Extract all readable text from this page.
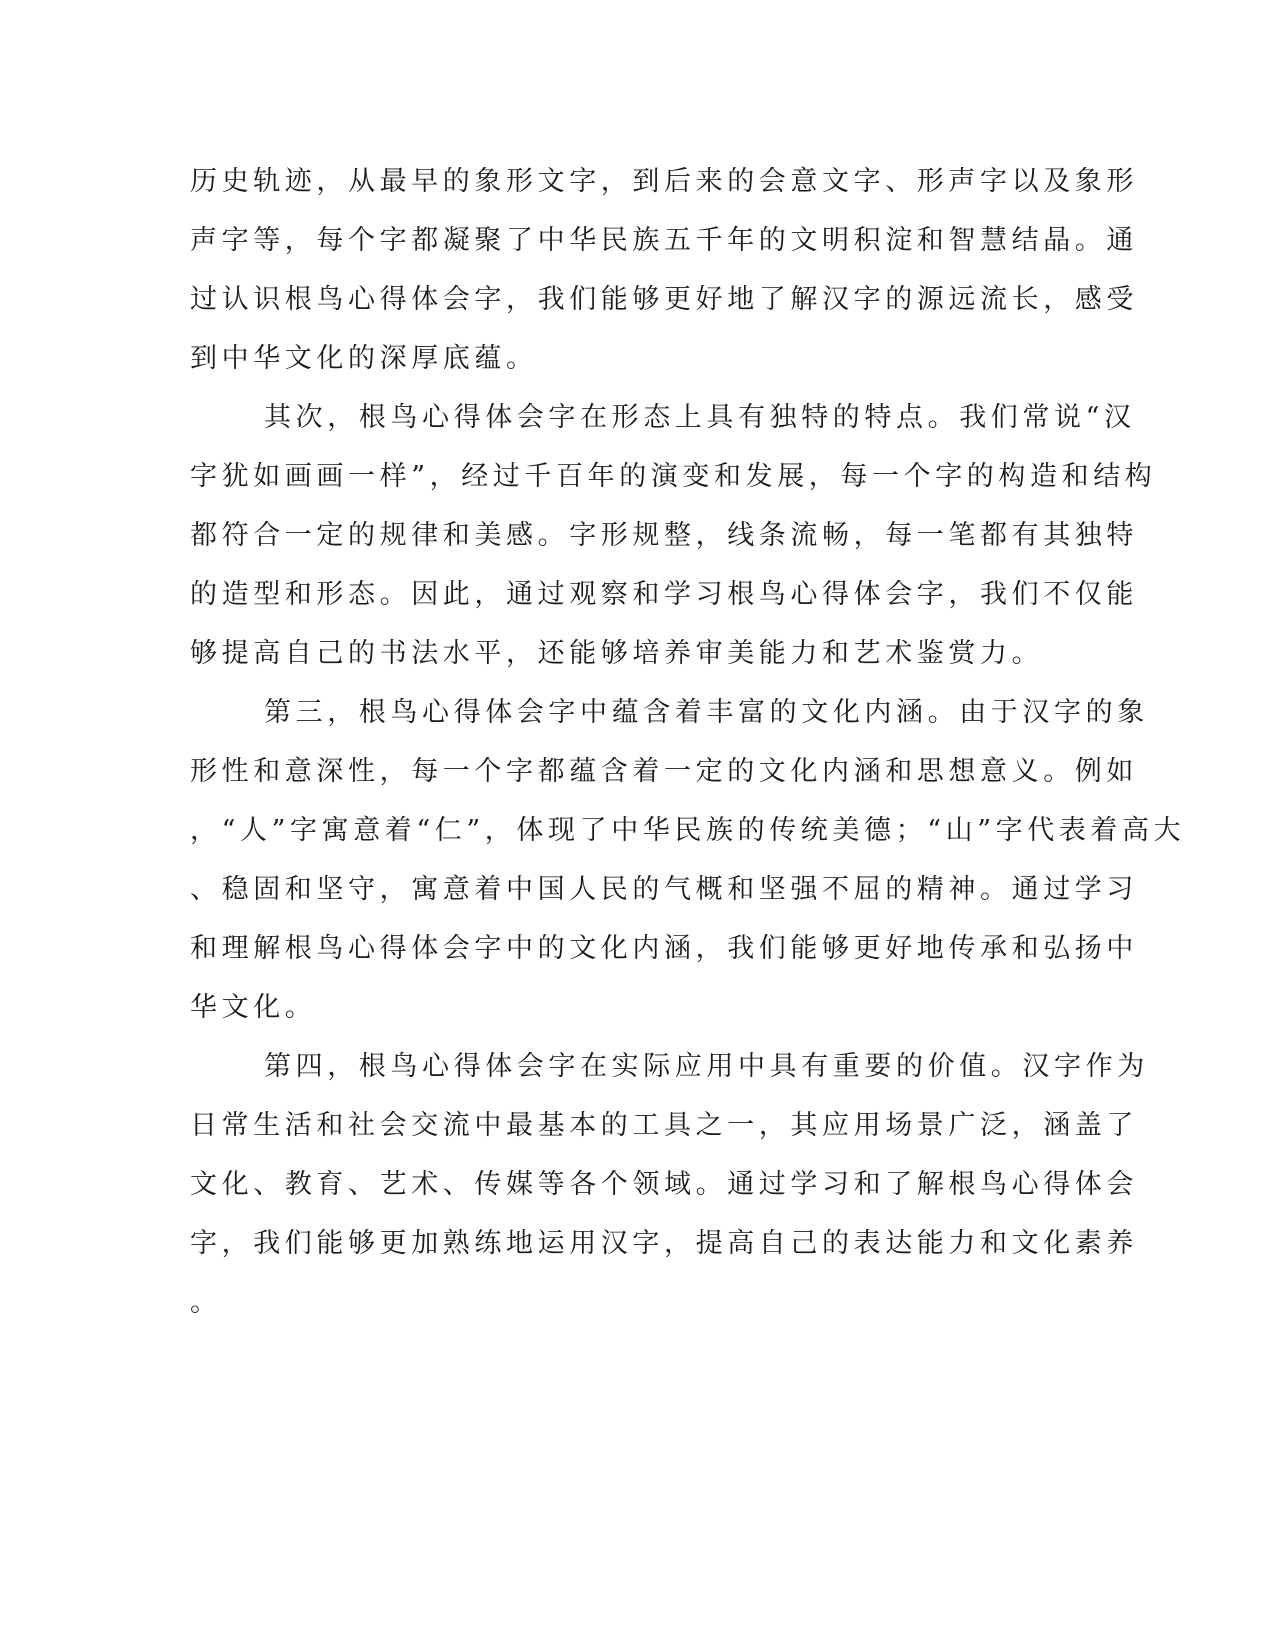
历史轨迹，从最早的象形文字，到后来的会意文字、形声字以及象形
声字等，每个字都凝聚了中华民族五千年的文明积淀和智慧结晶。通
过认识根鸟心得体会字，我们能够更好地了解汉字的源远流长，感受
到中华文化的深厚底蕴。
其次，根鸟心得体会字在形态上具有独特的特点。我们常说“汉
字犹如画画一样”，经过千百年的演变和发展，每一个字的构造和结构
都符合一定的规律和美感。字形规整，线条流畅，每一笔都有其独特
的造型和形态。因此，通过观察和学习根鸟心得体会字，我们不仅能
够提高自己的书法水平，还能够培养审美能力和艺术鉴赏力。
第三，根鸟心得体会字中蕴含着丰富的文化内涵。由于汉字的象
形性和意深性，每一个字都蕴含着一定的文化内涵和思想意义。例如
，“人”字寓意着“仁”，体现了中华民族的传统美德；“山”字代表着高大
、稳固和坚守，寓意着中国人民的气概和坚强不屈的精神。通过学习
和理解根鸟心得体会字中的文化内涵，我们能够更好地传承和弘扬中
华文化。
第四，根鸟心得体会字在实际应用中具有重要的价值。汉字作为
日常生活和社会交流中最基本的工具之一，其应用场景广泛，涵盖了
文化、教育、艺术、传媒等各个领域。通过学习和了解根鸟心得体会
字，我们能够更加熟练地运用汉字，提高自己的表达能力和文化素养
。
